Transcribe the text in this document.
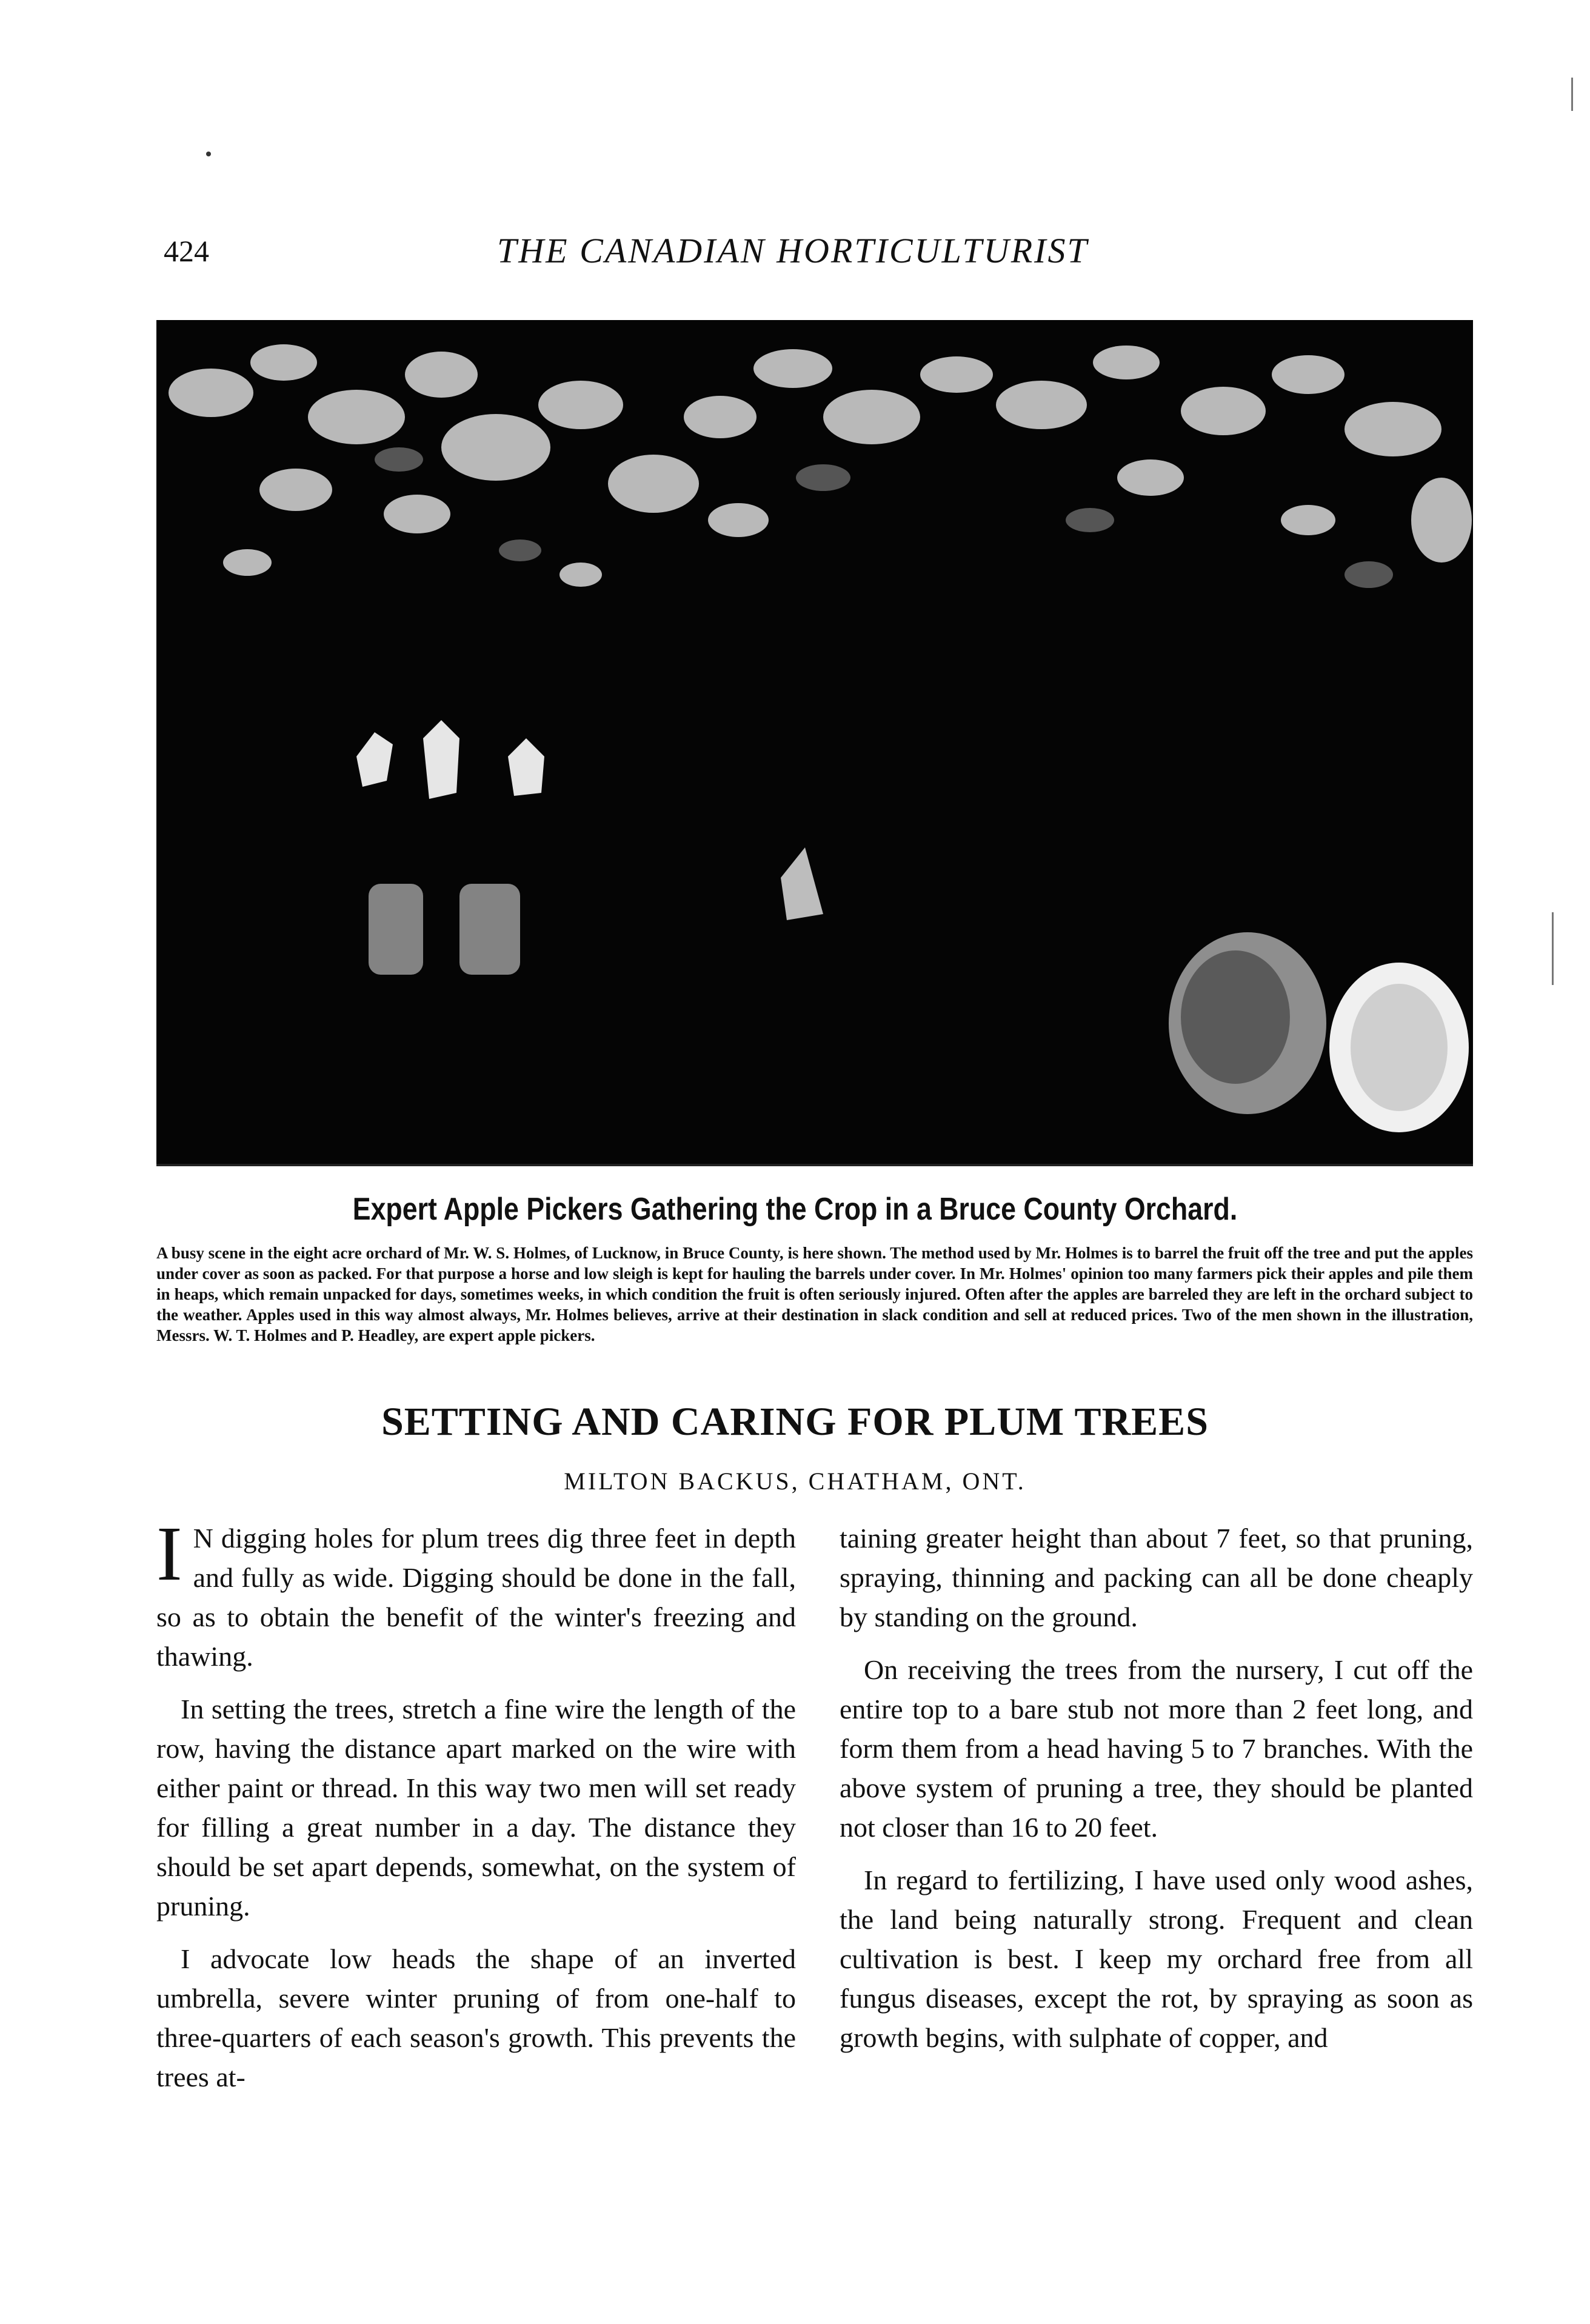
424	THE CANADIAN HORTICULTURIST
Expert Apple Pickers Gathering the Crop in a Bruce County Orchard.
A busy scene in the eight acre orchard of Mr. W. S. Holmes, of Lucknow, in Bruce County, is here shown. The method used by Mr. Holmes is to barrel the fruit off the tree and put the apples under cover as soon as packed. For that purpose a horse and low sleigh is kept for hauling the barrels under cover. In Mr. Holmes' opinion too many farmers pick their apples and pile them in heaps, which remain unpacked for days, sometimes weeks, in which condition the fruit is often seriously injured. Often after the apples are barreled they are left in the orchard subject to the weather. Apples used in this way almost always, Mr. Holmes believes, arrive at their destination in slack condition and sell at reduced prices. Two of the men shown in the illustration, Messrs. W. T. Holmes and P. Headley, are expert apple pickers.
SETTING AND CARING FOR PLUM TREES
MILTON BACKUS, CHATHAM, ONT.

I N digging holes for plum trees dig three feet in depth and fully as wide. Digging should be done in the fall, so as to obtain the benefit of the winter's freezing and thawing.

In setting the trees, stretch a fine wire the length of the row, having the distance apart marked on the wire with either paint or thread. In this way two men will set ready for filling a great number in a day. The distance they should be set apart depends, somewhat, on the system of pruning.

I advocate low heads the shape of an inverted umbrella, severe winter pruning of from one-half to three-quarters of each season's growth. This prevents the trees at-

taining greater height than about 7 feet, so that pruning, spraying, thinning and packing can all be done cheaply by standing on the ground.

On receiving the trees from the nursery, I cut off the entire top to a bare stub not more than 2 feet long, and form them from a head having 5 to 7 branches. With the above system of pruning a tree, they should be planted not closer than 16 to 20 feet.

In regard to fertilizing, I have used only wood ashes, the land being naturally strong. Frequent and clean cultivation is best. I keep my orchard free from all fungus diseases, except the rot, by spraying as soon as growth begins, with sulphate of copper, and
